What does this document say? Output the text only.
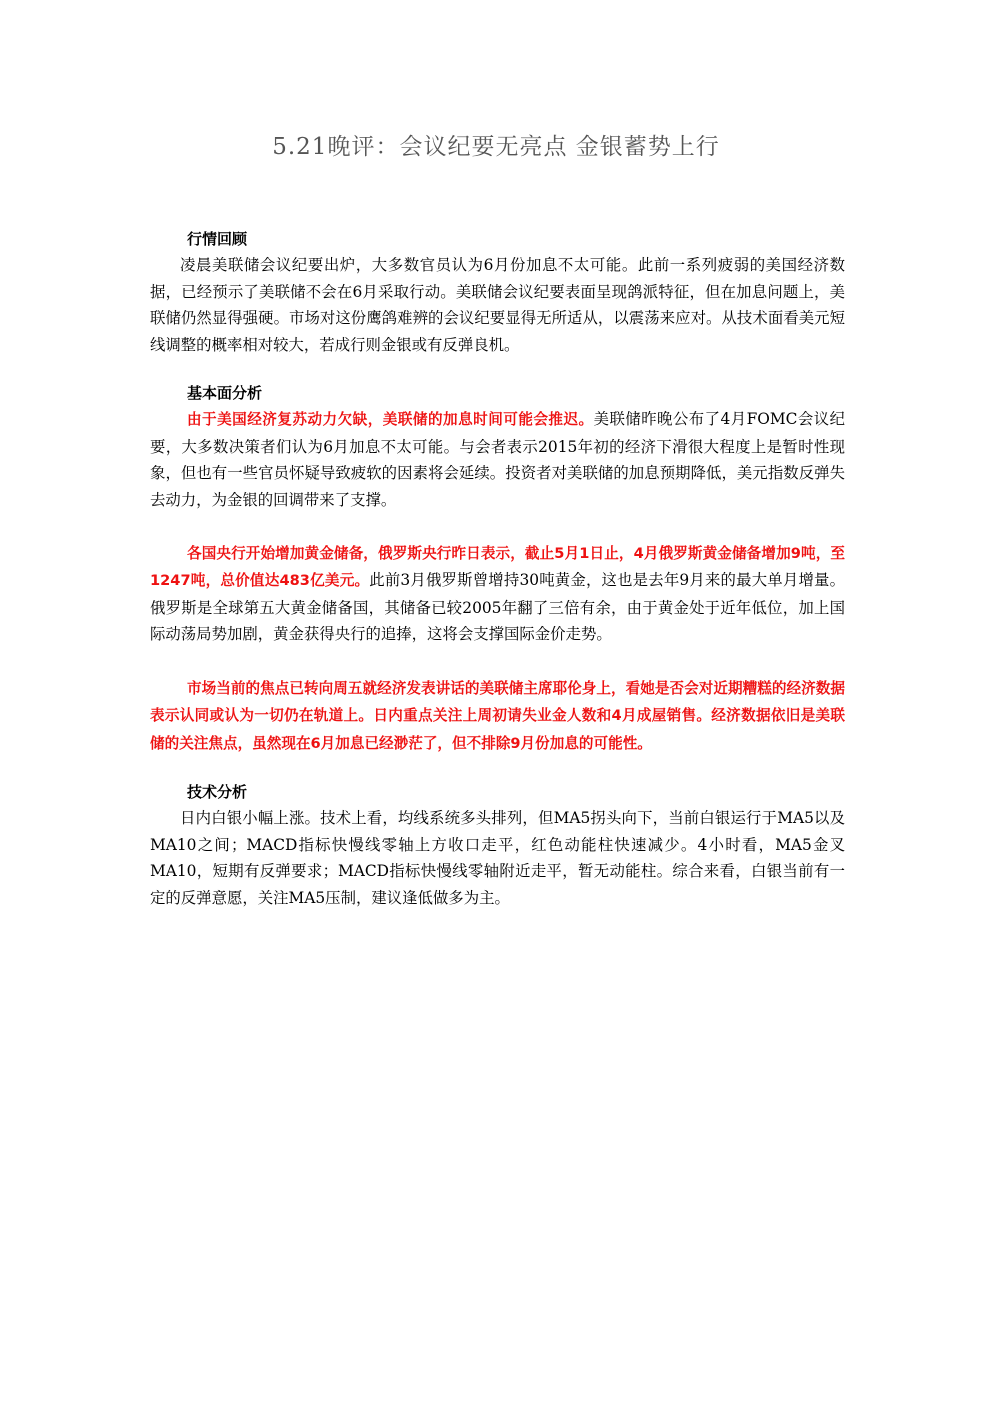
5.21晚评：会议纪要无亮点 金银蓄势上行

行情回顾

凌晨美联储会议纪要出炉，大多数官员认为6月份加息不太可能。此前一系列疲弱的美国经济数据，已经预示了美联储不会在6月采取行动。美联储会议纪要表面呈现鸽派特征，但在加息问题上，美联储仍然显得强硬。市场对这份鹰鸽难辨的会议纪要显得无所适从，以震荡来应对。从技术面看美元短线调整的概率相对较大，若成行则金银或有反弹良机。

基本面分析

由于美国经济复苏动力欠缺，美联储的加息时间可能会推迟。美联储昨晚公布了4月FOMC会议纪要，大多数决策者们认为6月加息不太可能。与会者表示2015年初的经济下滑很大程度上是暂时性现象，但也有一些官员怀疑导致疲软的因素将会延续。投资者对美联储的加息预期降低，美元指数反弹失去动力，为金银的回调带来了支撑。

各国央行开始增加黄金储备，俄罗斯央行昨日表示，截止5月1日止，4月俄罗斯黄金储备增加9吨，至1247吨，总价值达483亿美元。此前3月俄罗斯曾增持30吨黄金，这也是去年9月来的最大单月增量。 俄罗斯是全球第五大黄金储备国，其储备已较2005年翻了三倍有余，由于黄金处于近年低位，加上国际动荡局势加剧，黄金获得央行的追捧，这将会支撑国际金价走势。

市场当前的焦点已转向周五就经济发表讲话的美联储主席耶伦身上，看她是否会对近期糟糕的经济数据表示认同或认为一切仍在轨道上。日内重点关注上周初请失业金人数和4月成屋销售。经济数据依旧是美联储的关注焦点，虽然现在6月加息已经渺茫了，但不排除9月份加息的可能性。

技术分析

日内白银小幅上涨。技术上看，均线系统多头排列，但MA5拐头向下，当前白银运行于MA5以及MA10之间；MACD指标快慢线零轴上方收口走平，红色动能柱快速减少。4小时看，MA5金叉MA10，短期有反弹要求；MACD指标快慢线零轴附近走平，暂无动能柱。综合来看，白银当前有一定的反弹意愿，关注MA5压制，建议逢低做多为主。
